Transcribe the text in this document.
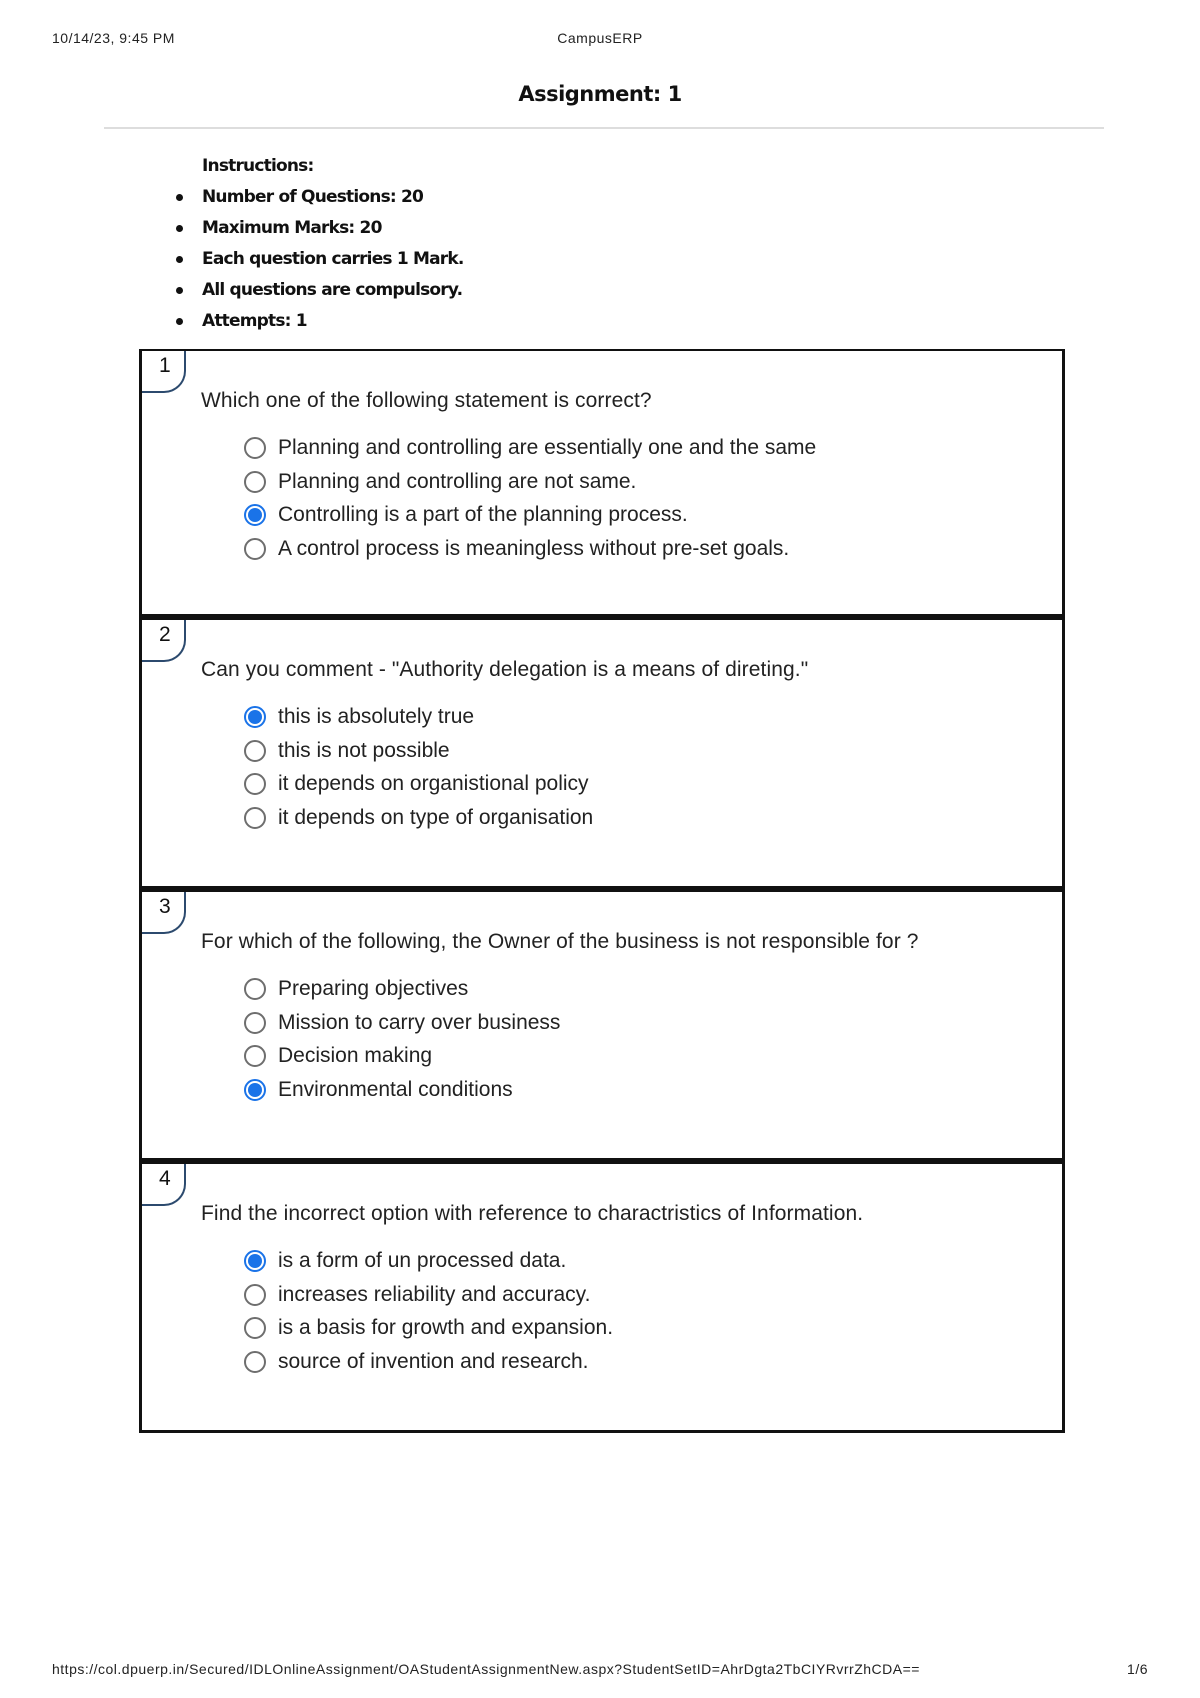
10/14/23, 9:45 PM	CampusERP
Assignment: 1
Instructions:
Number of Questions: 20
Maximum Marks: 20
Each question carries 1 Mark.
All questions are compulsory.
Attempts: 1
1
Which one of the following statement is correct?
Planning and controlling are essentially one and the same
Planning and controlling are not same.
Controlling is a part of the planning process.
A control process is meaningless without pre-set goals.
2
Can you comment - "Authority delegation is a means of direting."
this is absolutely true
this is not possible
it depends on organistional policy
it depends on type of organisation
3
For which of the following, the Owner of the business is not responsible for ?
Preparing objectives
Mission to carry over business
Decision making
Environmental conditions
4
Find the incorrect option with reference to charactristics of Information.
is a form of un processed data.
increases reliability and accuracy.
is a basis for growth and expansion.
source of invention and research.
https://col.dpuerp.in/Secured/IDLOnlineAssignment/OAStudentAssignmentNew.aspx?StudentSetID=AhrDgta2TbCIYRvrrZhCDA==	1/6
